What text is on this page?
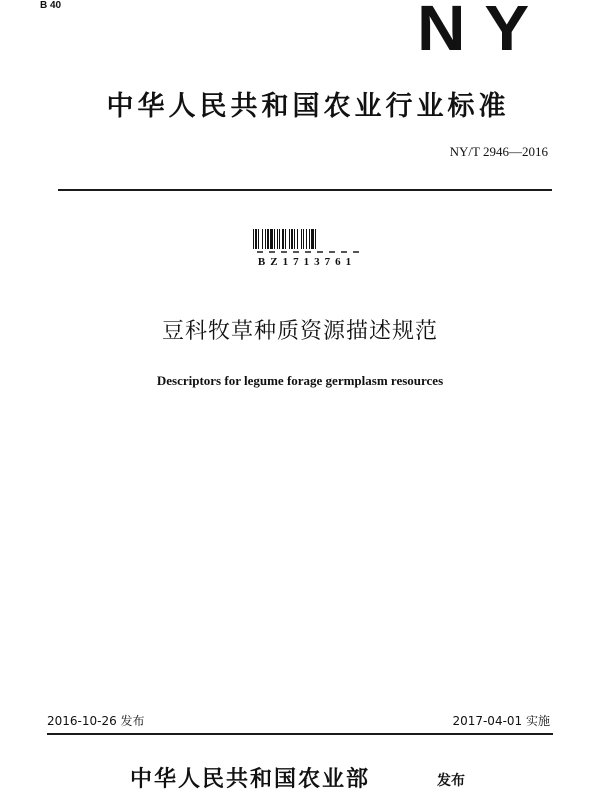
B 40	NY
中华人民共和国农业行业标准
NY/T 2946—2016
BZ1713761
豆科牧草种质资源描述规范
Descriptors for legume forage germplasm resources
2016-10-26 发布	2017-04-01 实施
中华人民共和国农业部	发布
